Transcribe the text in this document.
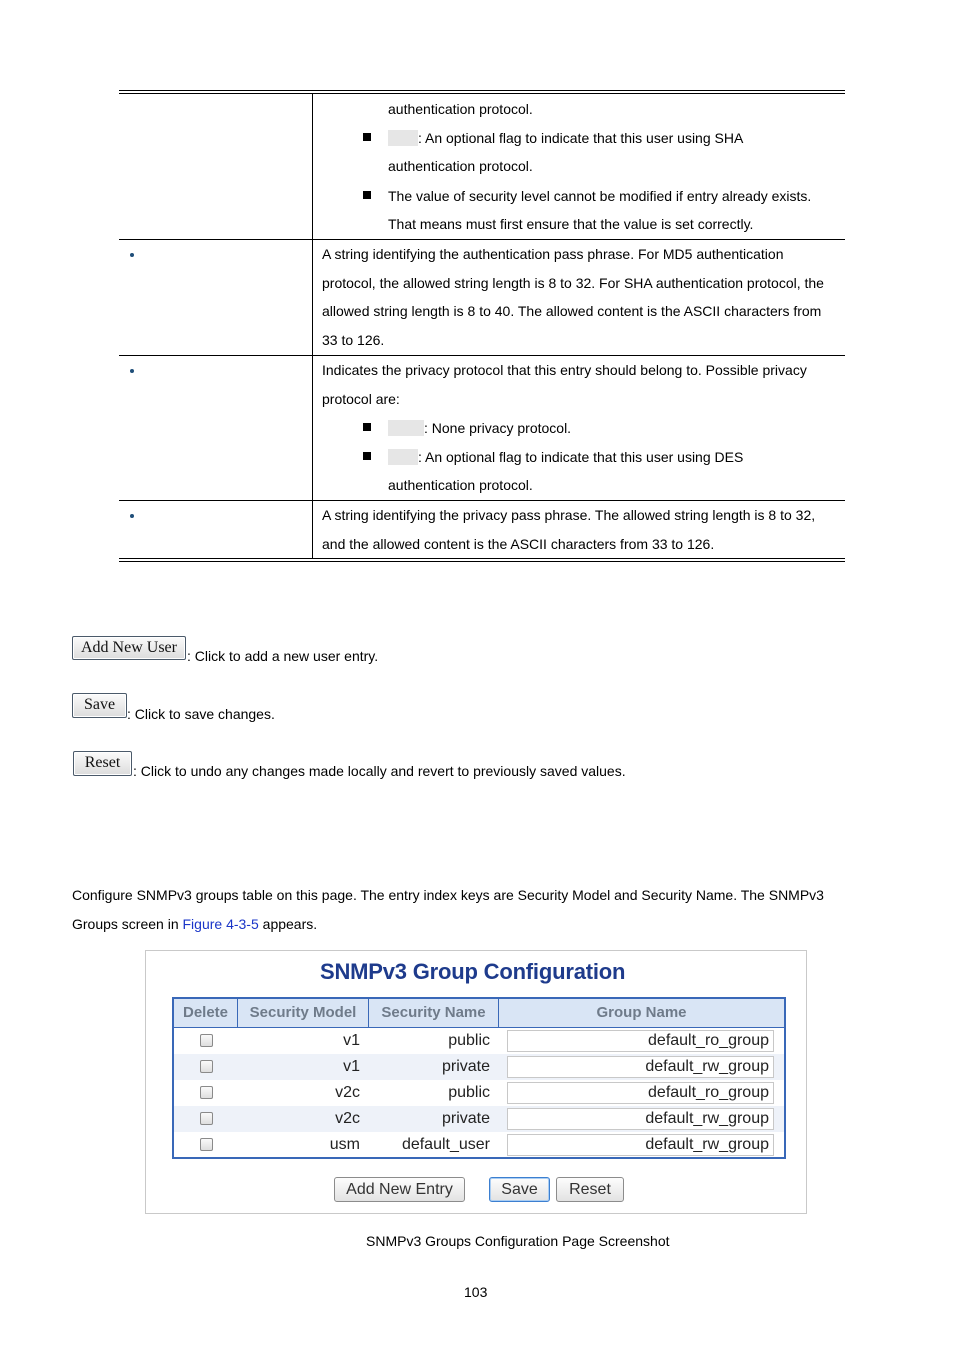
authentication protocol.
: An optional flag to indicate that this user using SHA
authentication protocol.
The value of security level cannot be modified if entry already exists.
That means must first ensure that the value is set correctly.
A string identifying the authentication pass phrase. For MD5 authentication
protocol, the allowed string length is 8 to 32. For SHA authentication protocol, the
allowed string length is 8 to 40. The allowed content is the ASCII characters from
33 to 126.
Indicates the privacy protocol that this entry should belong to. Possible privacy
protocol are:
: None privacy protocol.
: An optional flag to indicate that this user using DES
authentication protocol.
A string identifying the privacy pass phrase. The allowed string length is 8 to 32,
and the allowed content is the ASCII characters from 33 to 126.
Add New User : Click to add a new user entry.
Save
: Click to save changes.
Reset : Click to undo any changes made locally and revert to previously saved values.
Configure SNMPv3 groups table on this page. The entry index keys are Security Model and Security Name. The SNMPv3
Groups screen in Figure 4-3-5 appears.
SNMPv3 Group Configuration
Delete	Security Model	Security Name	Group Name
v1	public	default_ro_group
v1	private	default_rw_group
v2c	public	default_ro_group
v2c	private	default_rw_group
usm	default_user	default_rw_group
Add New Entry	Save	Reset
SNMPv3 Groups Configuration Page Screenshot
103
